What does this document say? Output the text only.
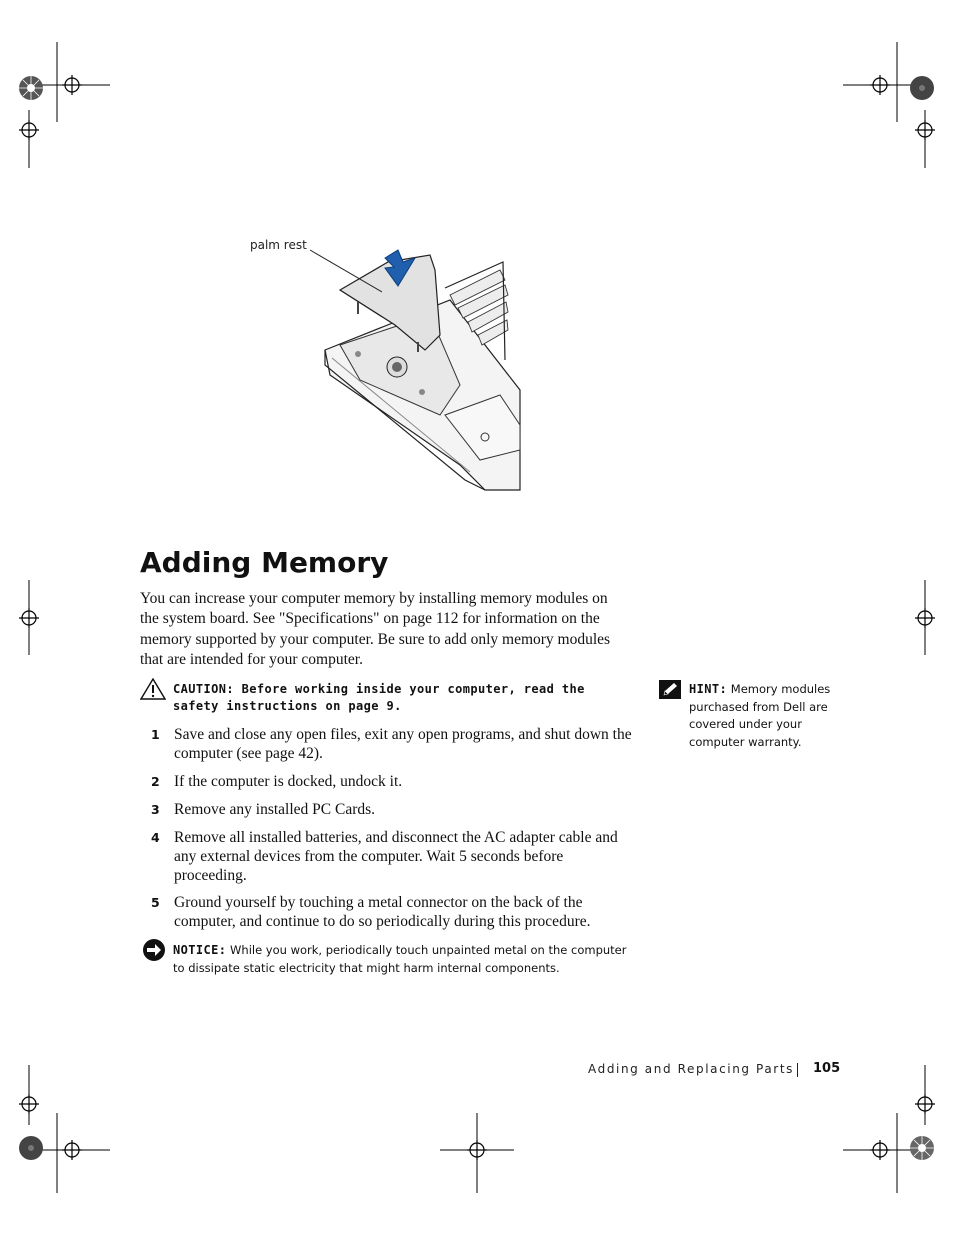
palm rest
Adding Memory

You can increase your computer memory by installing memory modules on the system board. See "Specifications" on page 112 for information on the memory supported by your computer. Be sure to add only memory modules that are intended for your computer.

CAUTION: Before working inside your computer, read the safety instructions on page 9.
1 Save and close any open files, exit any open programs, and shut down the computer (see page 42).
2 If the computer is docked, undock it.
3 Remove any installed PC Cards.
4 Remove all installed batteries, and disconnect the AC adapter cable and any external devices from the computer. Wait 5 seconds before proceeding.
5 Ground yourself by touching a metal connector on the back of the computer, and continue to do so periodically during this procedure.
NOTICE: While you work, periodically touch unpainted metal on the computer to dissipate static electricity that might harm internal components.
HINT: Memory modules purchased from Dell are covered under your computer warranty.
Adding and Replacing Parts 105
